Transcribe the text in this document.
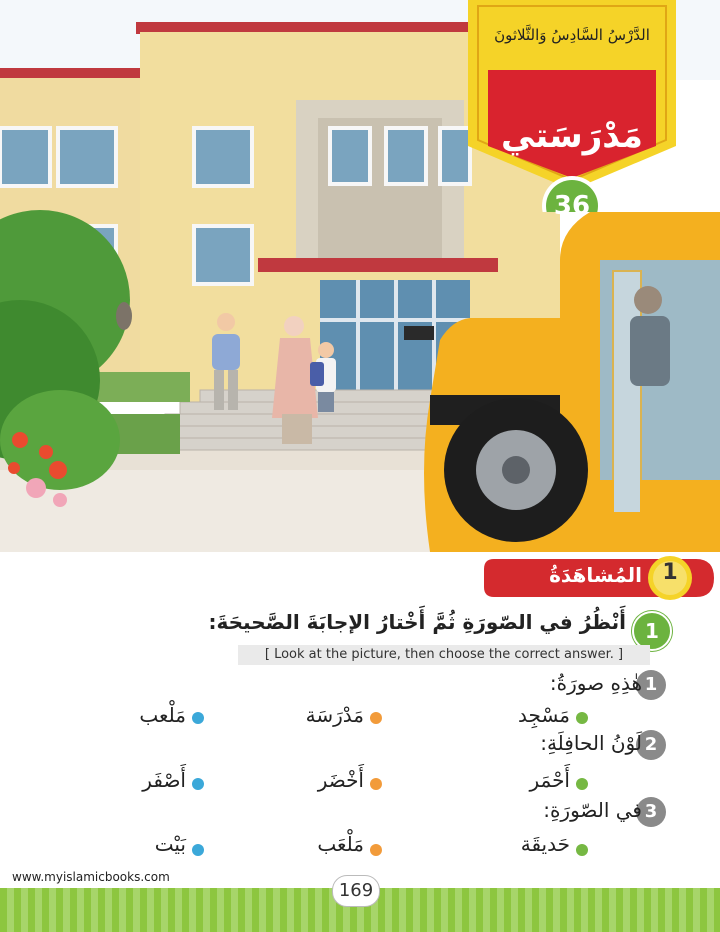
الدَّرْسُ السَّادِسُ وَالثَّلاثونَ
مَدْرَسَتي
36
المُشاهَدَةُ 1
1
أَنْظُرُ في الصّورَةِ ثُمَّ أَخْتارُ الإجابَةَ الصَّحيحَةَ:
[ Look at the picture, then choose the correct answer. ]
1
هٰذِهِ صورَةُ:
مَسْجِد
مَدْرَسَة
مَلْعب
2
لَوْنُ الحافِلَةِ:
أَحْمَر
أَخْضَر
أَصْفَر
3
في الصّورَةِ:
حَديقَة
مَلْعَب
بَيْت
www.myislamicbooks.com
169
